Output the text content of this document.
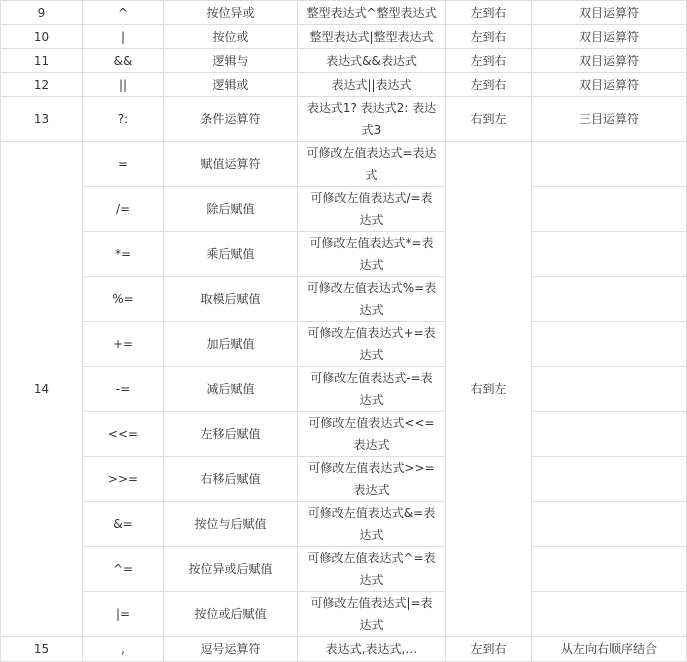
9	^	按位异或	整型表达式^整型表达式	左到右	双目运算符
10	|	按位或	整型表达式|整型表达式	左到右	双目运算符
11	&&	逻辑与	表达式&&表达式	左到右	双目运算符
12	||	逻辑或	表达式||表达式	左到右	双目运算符
13	?:	条件运算符	表达式1? 表达式2: 表达式3	右到左	三目运算符
14	=	赋值运算符	可修改左值表达式=表达式	右到左	
	/=	除后赋值	可修改左值表达式/=表达式		
	*=	乘后赋值	可修改左值表达式*=表达式		
	%=	取模后赋值	可修改左值表达式%=表达式		
	+=	加后赋值	可修改左值表达式+=表达式		
	-=	减后赋值	可修改左值表达式-=表达式		
	<<=	左移后赋值	可修改左值表达式<<=表达式		
	>>=	右移后赋值	可修改左值表达式>>=表达式		
	&=	按位与后赋值	可修改左值表达式&=表达式		
	^=	按位异或后赋值	可修改左值表达式^=表达式		
	|=	按位或后赋值	可修改左值表达式|=表达式		
15	,	逗号运算符	表达式,表达式,…	左到右	从左向右顺序结合
